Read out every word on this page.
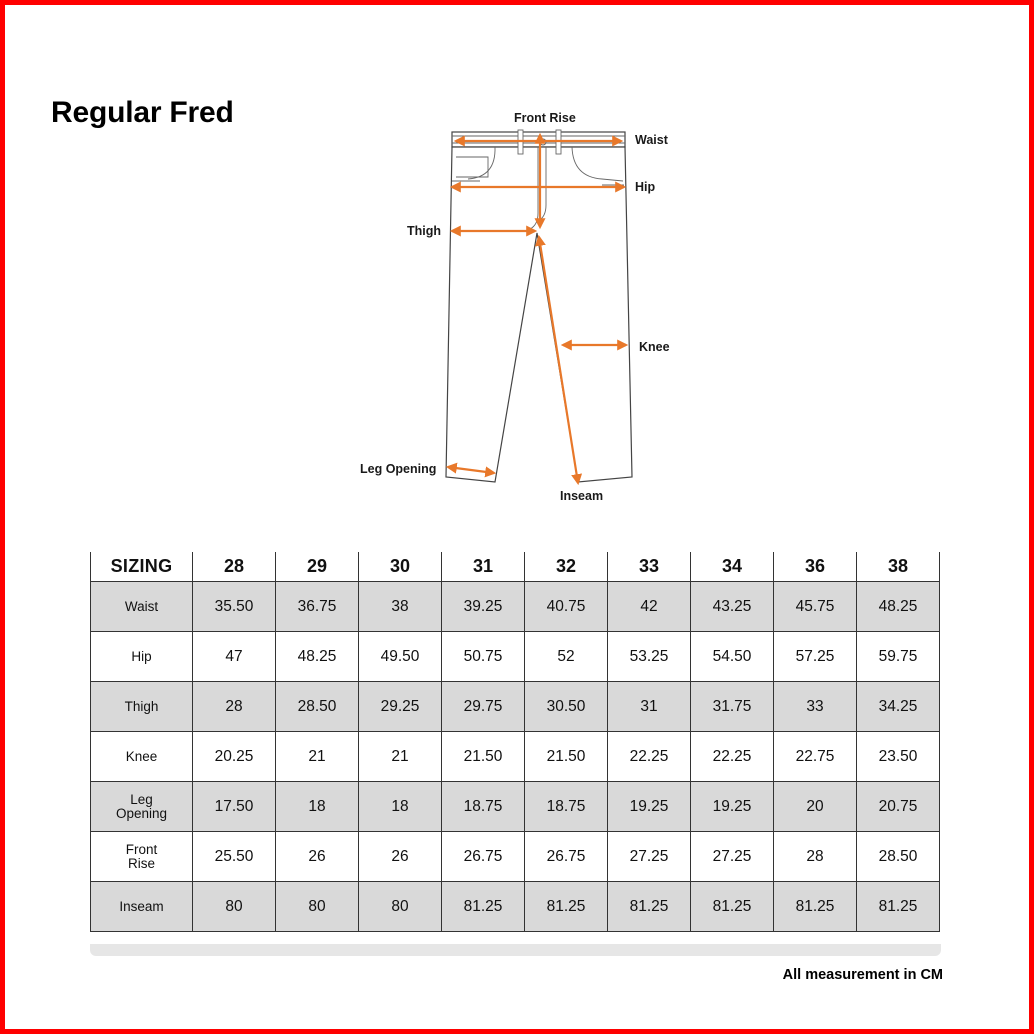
Regular Fred	Front Rise
Waist
Hip
Thigh
Knee
Leg Opening
Inseam
SIZING	28	29	30	31	32	33	34	36	38
Waist	35.50	36.75	38	39.25	40.75	42	43.25	45.75	48.25
Hip	47	48.25	49.50	50.75	52	53.25	54.50	57.25	59.75
Thigh	28	28.50	29.25	29.75	30.50	31	31.75	33	34.25
Knee	20.25	21	21	21.50	21.50	22.25	22.25	22.75	23.50
Leg
Opening	17.50	18	18	18.75	18.75	19.25	19.25	20	20.75
Front
Rise	25.50	26	26	26.75	26.75	27.25	27.25	28	28.50
Inseam	80	80	80	81.25	81.25	81.25	81.25	81.25	81.25
All measurement in CM
